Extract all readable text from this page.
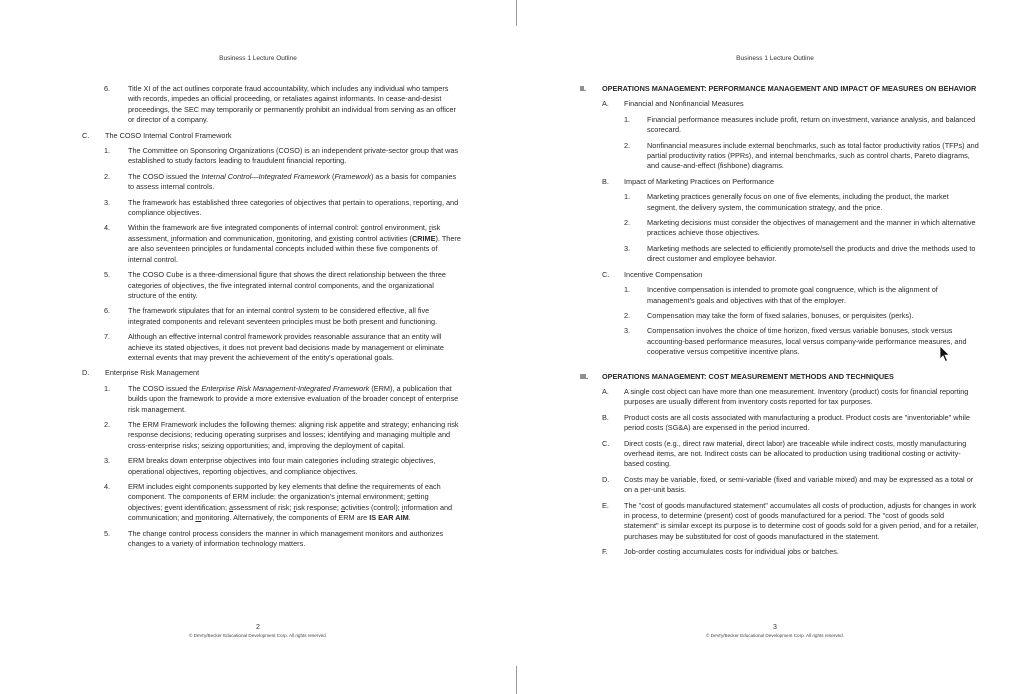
Business 1 Lecture Outline
6.	Title XI of the act outlines corporate fraud accountability, which includes any individual who tampers with records, impedes an official proceeding, or retaliates against informants. In cease-and-desist proceedings, the SEC may temporarily or permanently prohibit an individual from serving as an officer or director of a company.
C.	The COSO Internal Control Framework
1.	The Committee on Sponsoring Organizations (COSO) is an independent private-sector group that was established to study factors leading to fraudulent financial reporting.
2.	The COSO issued the Internal Control—Integrated Framework (Framework) as a basis for companies to assess internal controls.
3.	The framework has established three categories of objectives that pertain to operations, reporting, and compliance objectives.
4.	Within the framework are five integrated components of internal control: control environment, risk assessment, information and communication, monitoring, and existing control activities (CRIME). There are also seventeen principles or fundamental concepts included within these five components of internal control.
5.	The COSO Cube is a three-dimensional figure that shows the direct relationship between the three categories of objectives, the five integrated internal control components, and the organizational structure of the entity.
6.	The framework stipulates that for an internal control system to be considered effective, all five integrated components and relevant seventeen principles must be both present and functioning.
7.	Although an effective internal control framework provides reasonable assurance that an entity will achieve its stated objectives, it does not prevent bad decisions made by management or eliminate external events that may prevent the achievement of the entity's operational goals.
D.	Enterprise Risk Management
1.	The COSO issued the Enterprise Risk Management-Integrated Framework (ERM), a publication that builds upon the framework to provide a more extensive evaluation of the broader concept of enterprise risk management.
2.	The ERM Framework includes the following themes: aligning risk appetite and strategy; enhancing risk response decisions; reducing operating surprises and losses; identifying and managing multiple and cross-enterprise risks; seizing opportunities; and, improving the deployment of capital.
3.	ERM breaks down enterprise objectives into four main categories including strategic objectives, operational objectives, reporting objectives, and compliance objectives.
4.	ERM includes eight components supported by key elements that define the requirements of each component. The components of ERM include: the organization's internal environment; setting objectives; event identification; assessment of risk; risk response; activities (control); information and communication; and monitoring. Alternatively, the components of ERM are IS EAR AIM.
5.	The change control process considers the manner in which management monitors and authorizes changes to a variety of information technology matters.
2
© DeVry/Becker Educational Development Corp. All rights reserved.
Business 1 Lecture Outline
II.	OPERATIONS MANAGEMENT: PERFORMANCE MANAGEMENT AND IMPACT OF MEASURES ON BEHAVIOR
A.	Financial and Nonfinancial Measures
1.	Financial performance measures include profit, return on investment, variance analysis, and balanced scorecard.
2.	Nonfinancial measures include external benchmarks, such as total factor productivity ratios (TFPs) and partial productivity ratios (PPRs), and internal benchmarks, such as control charts, Pareto diagrams, and cause-and-effect (fishbone) diagrams.
B.	Impact of Marketing Practices on Performance
1.	Marketing practices generally focus on one of five elements, including the product, the market segment, the delivery system, the communication strategy, and the price.
2.	Marketing decisions must consider the objectives of management and the manner in which alternative practices achieve those objectives.
3.	Marketing methods are selected to efficiently promote/sell the products and drive the methods used to direct customer and employee behavior.
C.	Incentive Compensation
1.	Incentive compensation is intended to promote goal congruence, which is the alignment of management's goals and objectives with that of the employer.
2.	Compensation may take the form of fixed salaries, bonuses, or perquisites (perks).
3.	Compensation involves the choice of time horizon, fixed versus variable bonuses, stock versus accounting-based performance measures, local versus company-wide performance measures, and cooperative versus competitive incentive plans.
III.	OPERATIONS MANAGEMENT: COST MEASUREMENT METHODS AND TECHNIQUES
A.	A single cost object can have more than one measurement. Inventory (product) costs for financial reporting purposes are usually different from inventory costs reported for tax purposes.
B.	Product costs are all costs associated with manufacturing a product. Product costs are "inventoriable" while period costs (SG&A) are expensed in the period incurred.
C.	Direct costs (e.g., direct raw material, direct labor) are traceable while indirect costs, mostly manufacturing overhead items, are not. Indirect costs can be allocated to production using traditional costing or activity-based costing.
D.	Costs may be variable, fixed, or semi-variable (fixed and variable mixed) and may be expressed as a total or on a per-unit basis.
E.	The "cost of goods manufactured statement" accumulates all costs of production, adjusts for changes in work in process, to determine (present) cost of goods manufactured for a period. The "cost of goods sold statement" is similar except its purpose is to determine cost of goods sold for a given period, and for a retailer, purchases may be substituted for cost of goods manufactured in the statement.
F.	Job-order costing accumulates costs for individual jobs or batches.
3
© DeVry/Becker Educational Development Corp. All rights reserved.
